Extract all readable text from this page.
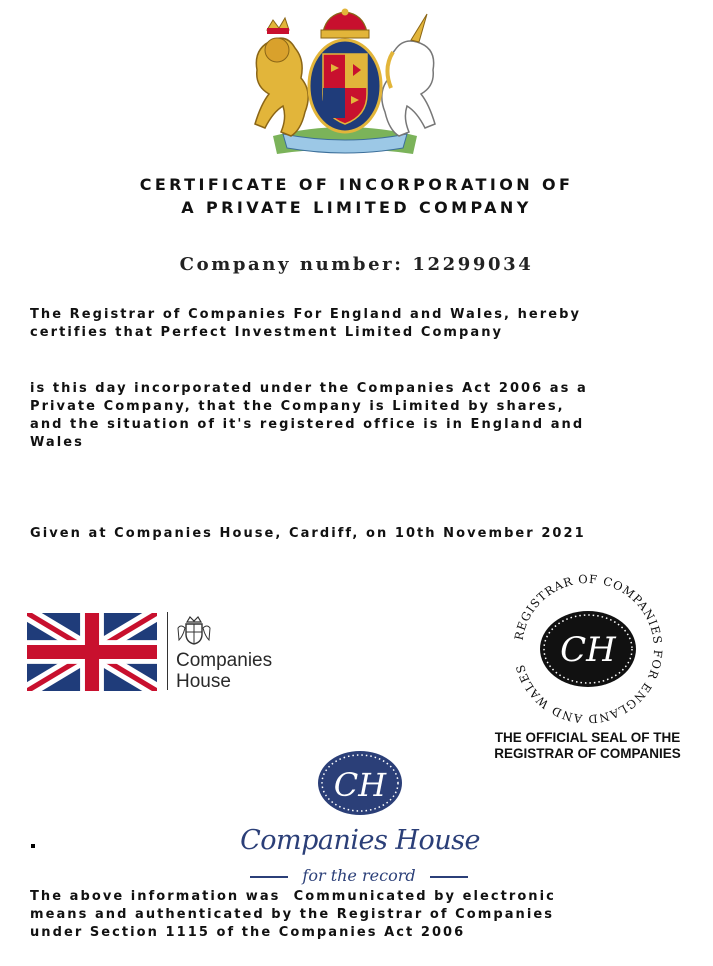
CERTIFICATE OF INCORPORATION OF
A PRIVATE LIMITED COMPANY
Company number: 12299034
The Registrar of Companies For England and Wales, hereby
certifies that Perfect Investment Limited Company
is this day incorporated under the Companies Act 2006 as a
Private Company, that the Company is Limited by shares,
and the situation of it's registered office is in England and
Wales
Given at Companies House, Cardiff, on 10th November 2021
Companies
House
REGISTRAR OF COMPANIES FOR ENGLAND AND WALES CH
THE OFFICIAL SEAL OF THE
REGISTRAR OF COMPANIES
CH
Companies House
for the record
The above information was  Communicated by electronic
means and authenticated by the Registrar of Companies
under Section 1115 of the Companies Act 2006
